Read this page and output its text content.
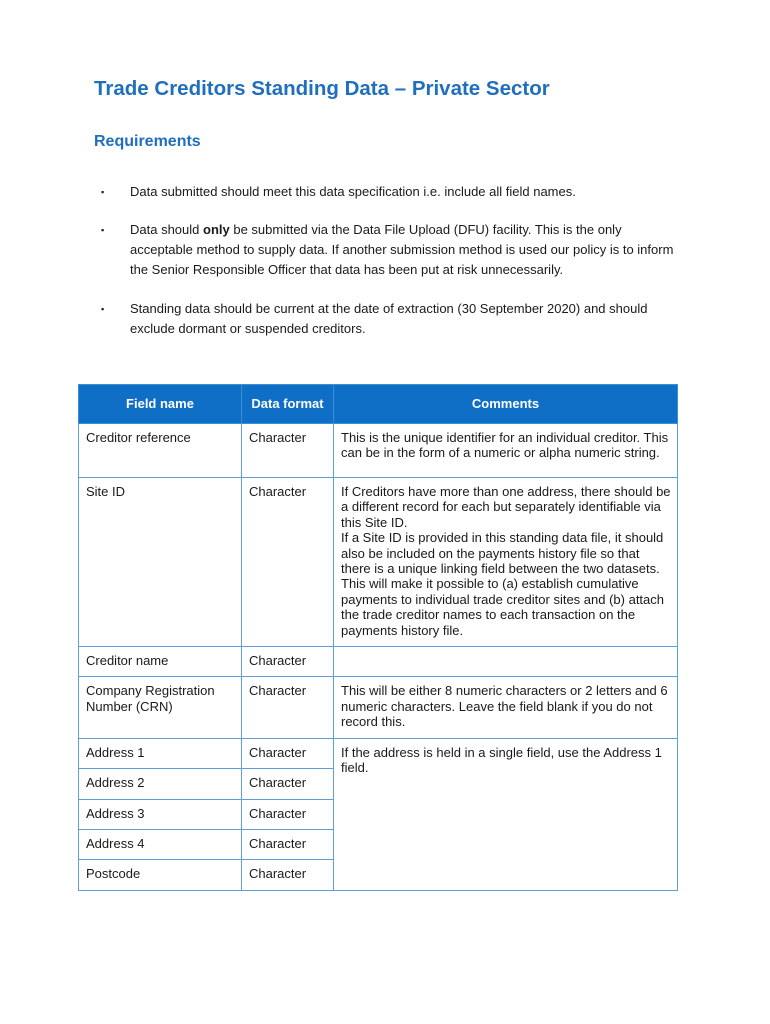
Trade Creditors Standing Data – Private Sector
Requirements
▪ Data submitted should meet this data specification i.e. include all field names.
▪ Data should only be submitted via the Data File Upload (DFU) facility. This is the only acceptable method to supply data. If another submission method is used our policy is to inform the Senior Responsible Officer that data has been put at risk unnecessarily.
▪ Standing data should be current at the date of extraction (30 September 2020) and should exclude dormant or suspended creditors.
Field name	Data format	Comments
Creditor reference	Character	This is the unique identifier for an individual creditor. This can be in the form of a numeric or alpha numeric string.
Site ID	Character	If Creditors have more than one address, there should be a different record for each but separately identifiable via this Site ID.
If a Site ID is provided in this standing data file, it should also be included on the payments history file so that there is a unique linking field between the two datasets. This will make it possible to (a) establish cumulative payments to individual trade creditor sites and (b) attach the trade creditor names to each transaction on the payments history file.

Creditor name	Character	
Company Registration Number (CRN)	Character	This will be either 8 numeric characters or 2 letters and 6 numeric characters. Leave the field blank if you do not record this.
Address 1	Character	If the address is held in a single field, use the Address 1 field.
Address 2	Character	
Address 3	Character	
Address 4	Character	
Postcode	Character	
